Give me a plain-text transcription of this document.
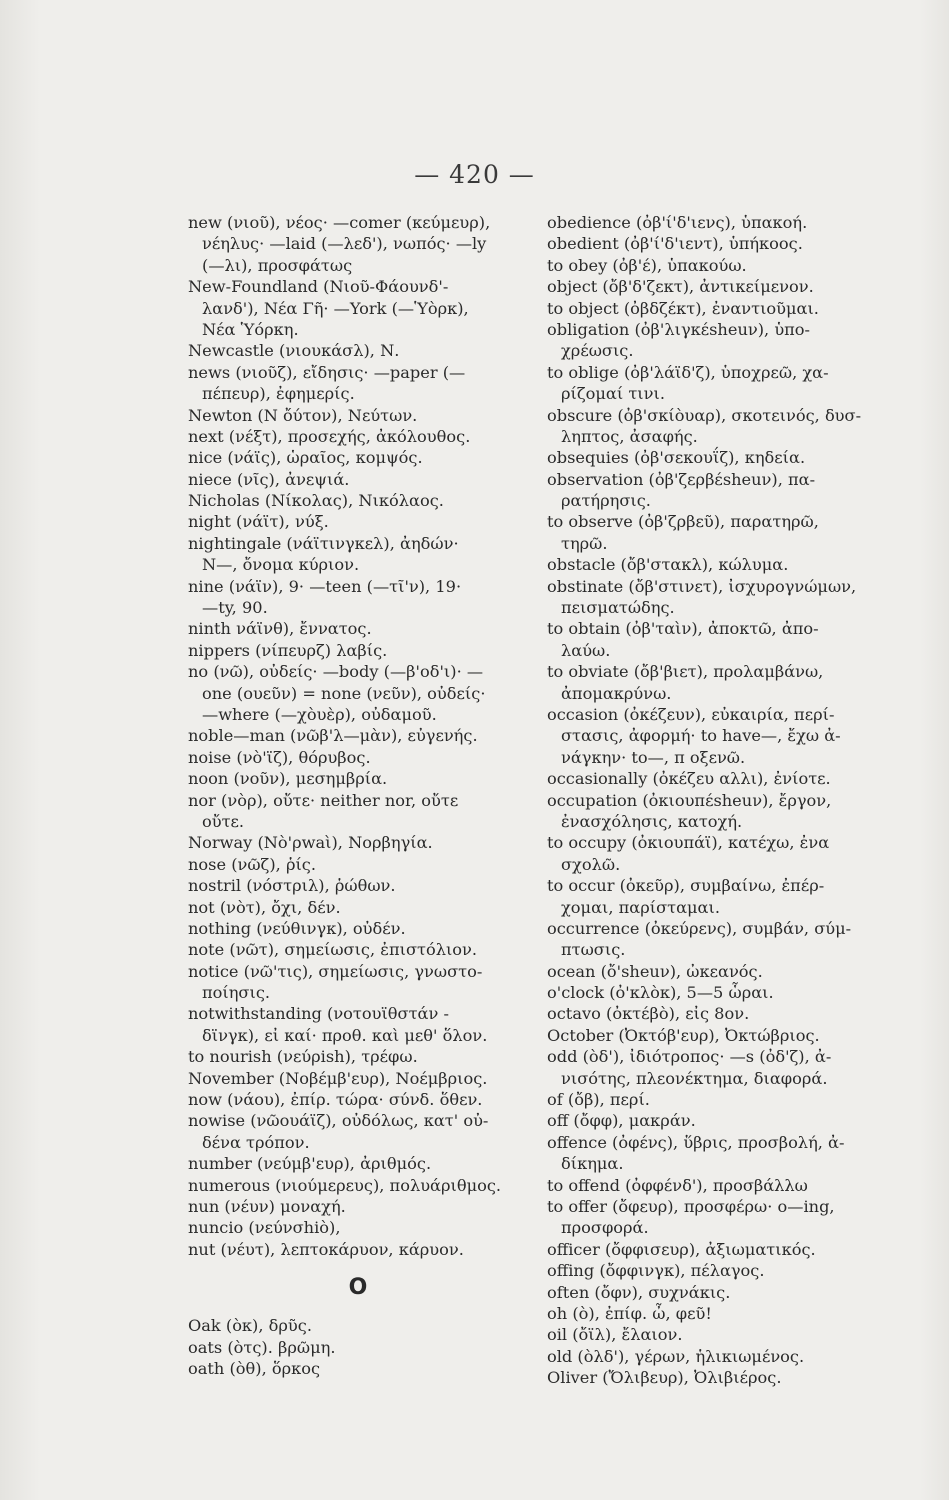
— 420 —
new (νιοῦ), νέος· —comer (κεύμευρ),
νέηλυς· —laid (—λεδ'), νωπός· —ly
(—λι), προσφάτως
New-Foundland (Νιοῦ-Φάουνδ'-
λανδ'), Νέα Γῆ· —York (—Ὑὸρκ),
Νέα Ὑόρκη.
Newcastle (νιουκάσλ), Ν.
news (νιοῦζ), εἴδησις· —paper (—
πέπευρ), ἐφημερίς.
Newton (Ν ὄύτον), Νεύτων.
next (νέξτ), προσεχής, ἀκόλουθος.
nice (νάϊς), ὡραῖος, κομψός.
niece (νῖς), ἀνεψιά.
Nicholas (Νίκολας), Νικόλαος.
night (νάϊτ), νύξ.
nightingale (νάϊτινγκελ), ἀηδών·
N—, ὄνομα κύριον.
nine (νάϊν), 9· —teen (—τῖ'ν), 19·
—ty, 90.
ninth νάϊνθ), ἔννατος.
nippers (νίπευρζ) λαβίς.
no (νῶ), οὐδείς· —body (—β'οδ'ι)· —
one (ουεῦν) = none (νεῦν), οὐδείς·
—where (—χὸυὲρ), οὐδαμοῦ.
noble—man (νῶβ'λ—μὰν), εὐγενής.
noise (νὸ'ϊζ), θόρυβος.
noon (νοῦν), μεσημβρία.
nor (νὸρ), οὔτε· neither nor, οὔτε
οὔτε.
Norway (Νὸ'ρwaὶ), Νορβηγία.
nose (νῶζ), ῥίς.
nostril (νόστριλ), ῥώθων.
not (νὸτ), ὄχι, δέν.
nothing (νεύθινγκ), οὐδέν.
note (νῶτ), σημείωσις, ἐπιστόλιον.
notice (νῶ'τις), σημείωσις, γνωστο-
ποίησις.
notwithstanding (νοτουϊθστάν -
δϊνγκ), εἰ καί· προθ. καὶ μεθ' ὅλον.
to nourish (νεύρish), τρέφω.
November (Νοβέμβ'ευρ), Νοέμβριος.
now (νάου), ἐπίρ. τώρα· σύνδ. ὅθεν.
nowise (νῶουάϊζ), οὐδόλως, κατ' οὐ-
δένα τρόπον.
number (νεύμβ'ευρ), ἀριθμός.
numerous (νιούμερευς), πολυάριθμος.
nun (νέυν) μοναχή.
nuncio (νεύνσhiὸ),
nut (νέυτ), λεπτοκάρυον, κάρυον.
O
Oak (ὸκ), δρῦς.
oats (ὸτς). βρῶμη.
oath (ὸθ), ὅρκος
obedience (ὀβ'ί'δ'ιενς), ὑπακοή.
obedient (ὀβ'ί'δ'ιεντ), ὑπήκοος.
to obey (ὀβ'έ), ὑπακούω.
object (ὄβ'δ'ζεκτ), ἀντικείμενον.
to object (ὀβδζέκτ), ἐναντιοῦμαι.
obligation (ὀβ'λιγκέsheuν), ὑπο-
χρέωσις.
to oblige (ὀβ'λάϊδ'ζ), ὑποχρεῶ, χα-
ρίζομαί τινι.
obscure (ὀβ'σκίὸυαρ), σκοτεινός, δυσ-
ληπτος, ἀσαφής.
obsequies (ὀβ'σεκουΐζ), κηδεία.
observation (ὀβ'ζερβέsheuν), πα-
ρατήρησις.
to observe (ὀβ'ζρβεῦ), παρατηρῶ,
τηρῶ.
obstacle (ὄβ'στακλ), κώλυμα.
obstinate (ὄβ'στινετ), ἰσχυρογνώμων,
πεισματώδης.
to obtain (ὀβ'ταὶν), ἀποκτῶ, ἀπο-
λαύω.
to obviate (ὄβ'βιετ), προλαμβάνω,
ἀπομακρύνω.
occasion (ὀκέζευν), εὐκαιρία, περί-
στασις, ἀφορμή· to have—, ἔχω ἀ-
νάγκην· to—, π οξενῶ.
occasionally (ὀκέζευ αλλι), ἐνίοτε.
occupation (ὀκιουπέsheuν), ἔργον,
ἐνασχόλησις, κατοχή.
to occupy (ὀκιουπάϊ), κατέχω, ἐνα
σχολῶ.
to occur (ὀκεῦρ), συμβαίνω, ἐπέρ-
χομαι, παρίσταμαι.
occurrence (ὀκεύρενς), συμβάν, σύμ-
πτωσις.
ocean (ὄ'sheuν), ὠκεανός.
o'clock (ὀ'κλὸκ), 5—5 ὧραι.
octavo (ὀκτέβὸ), εἰς 8ον.
October (Ὀκτόβ'ευρ), Ὀκτώβριος.
odd (ὸδ'), ἰδιότροπος· —s (ὀδ'ζ), ἀ-
νισότης, πλεονέκτημα, διαφορά.
of (ὄβ), περί.
off (ὄφφ), μακράν.
offence (ὀφένς), ὕβρις, προσβολή, ἀ-
δίκημα.
to offend (ὀφφένδ'), προσβάλλω
to offer (ὄφευρ), προσφέρω· o—ing,
προσφορά.
officer (ὄφφισευρ), ἀξιωματικός.
offing (ὄφφινγκ), πέλαγος.
often (ὄφν), συχνάκις.
oh (ὸ), ἐπίφ. ὦ, φεῦ!
oil (ὄϊλ), ἔλαιον.
old (ὸλδ'), γέρων, ἡλικιωμένος.
Oliver (Ὄλιβευρ), Ὀλιβιέρος.
